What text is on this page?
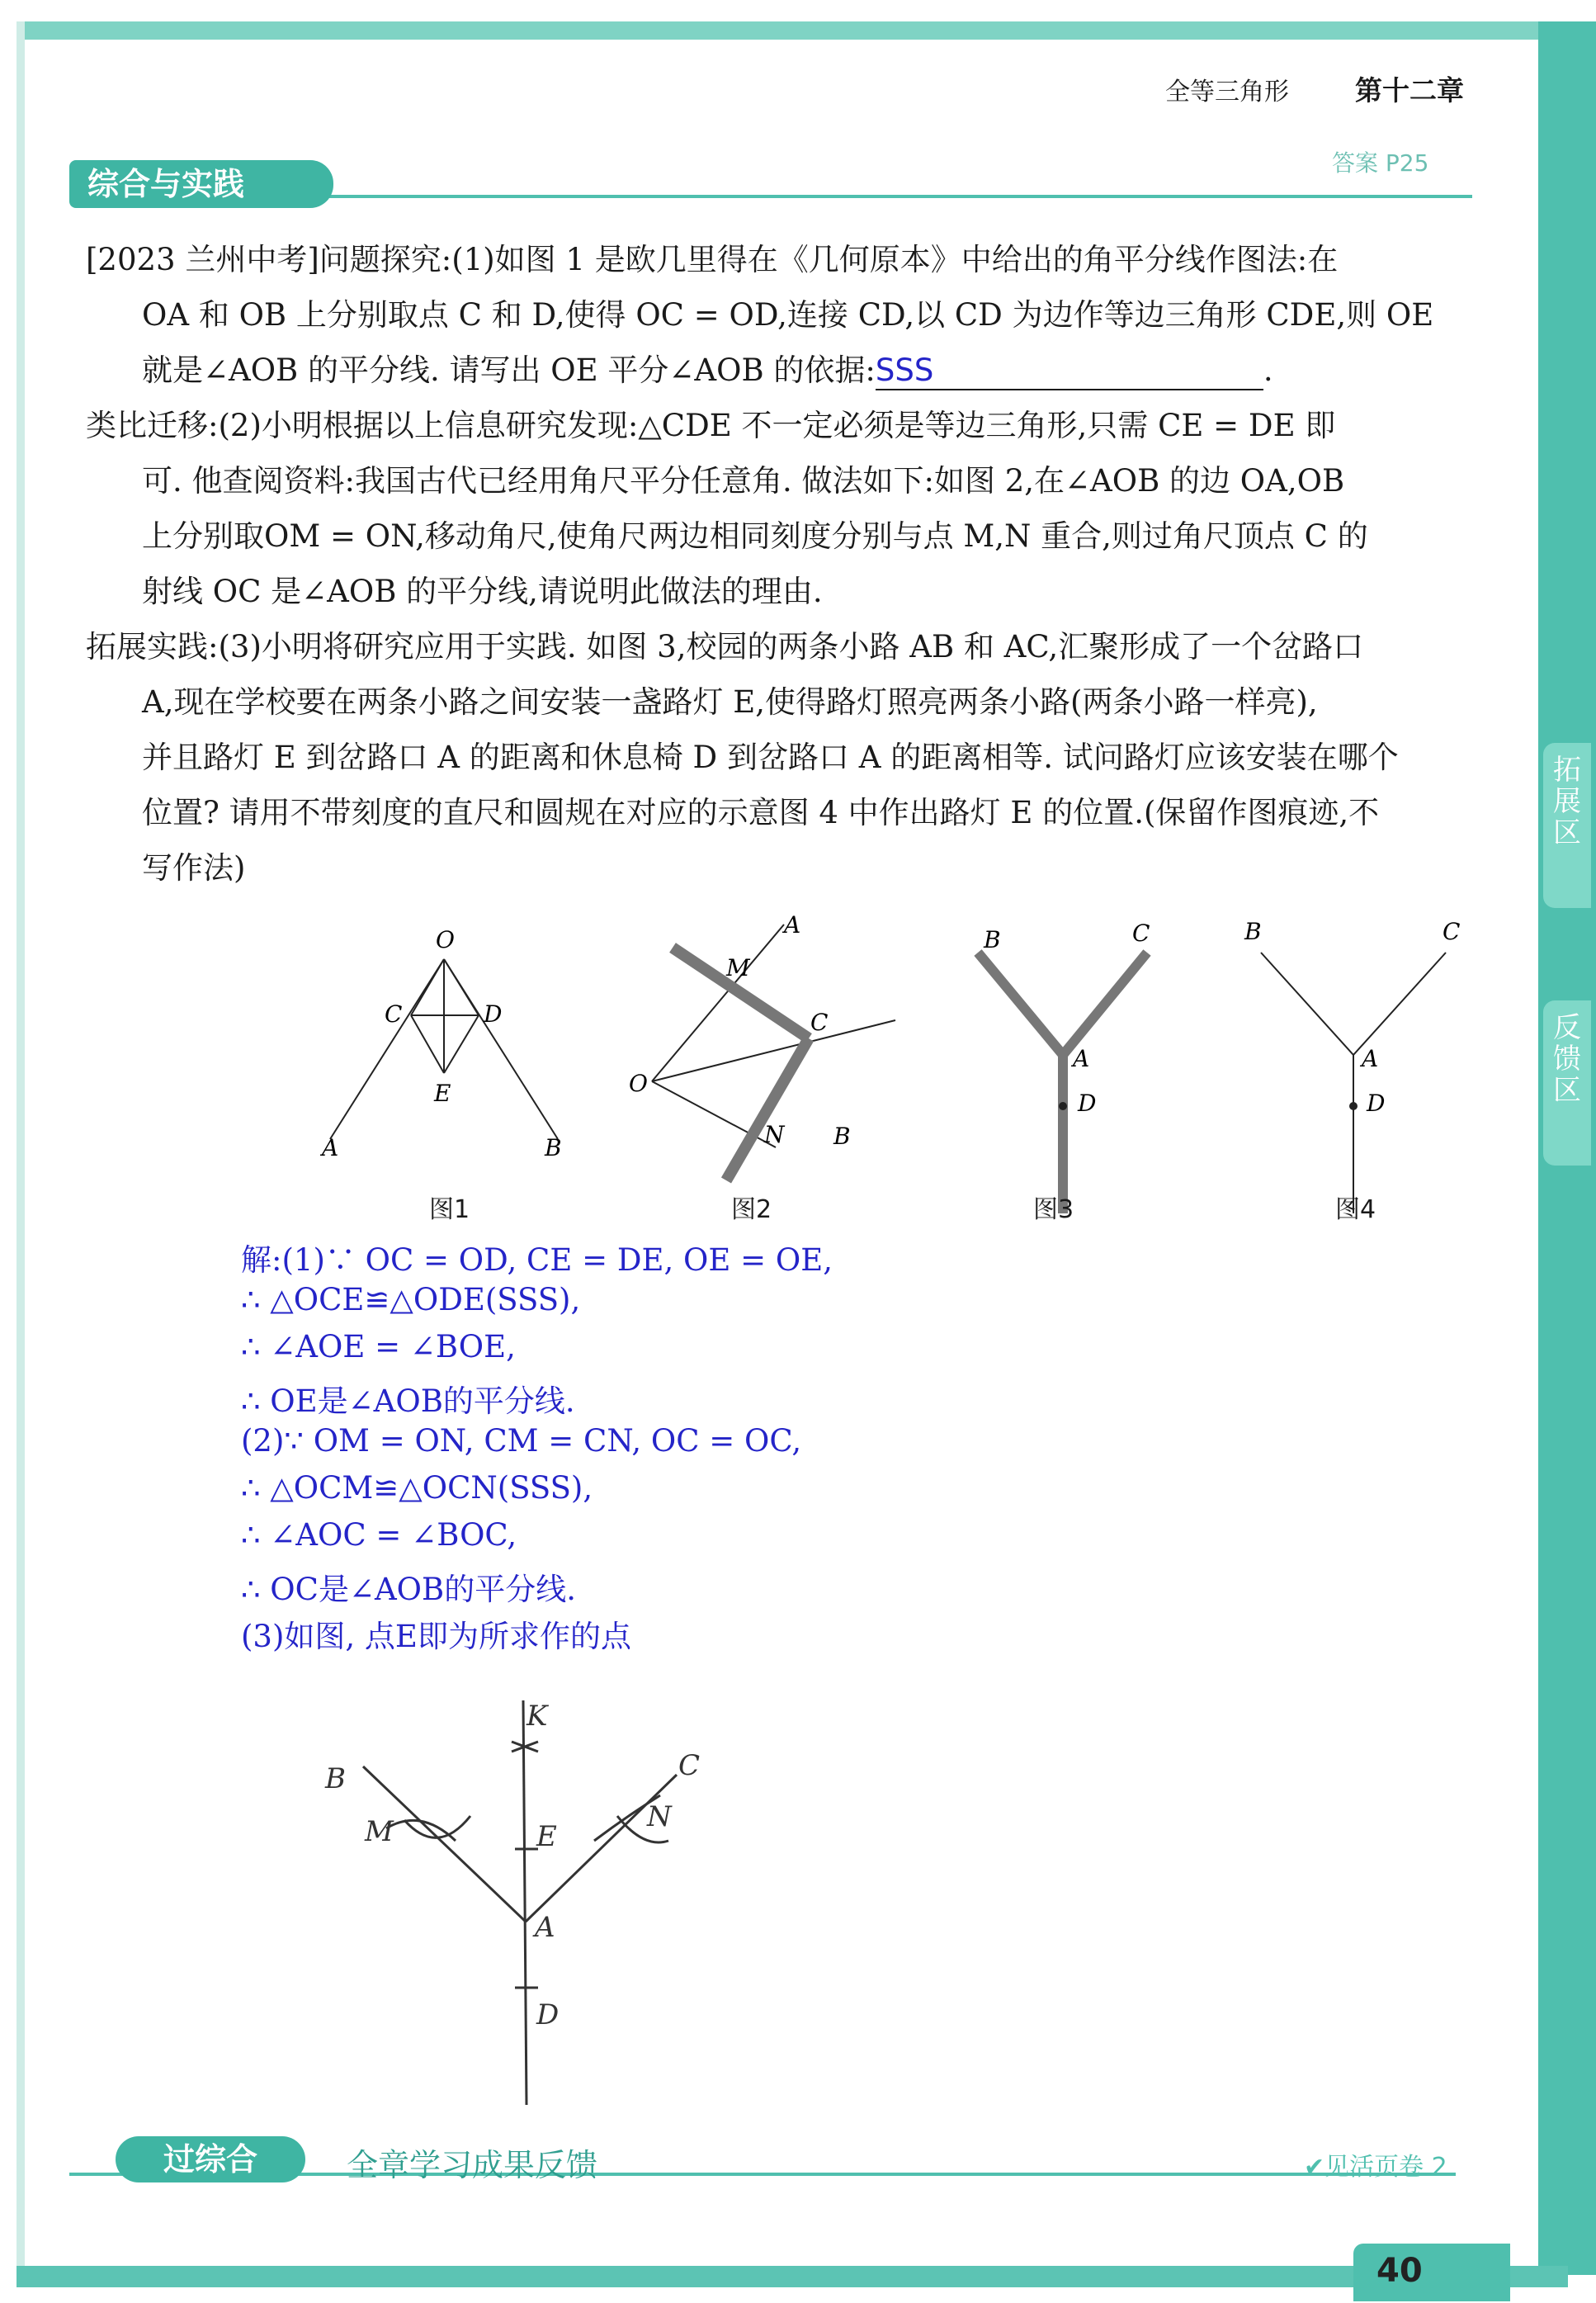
全等三角形 第十二章
答案 P25
综合与实践
拓展区
反馈区
[2023 兰州中考]问题探究:(1)如图 1 是欧几里得在《几何原本》中给出的角平分线作图法:在
OA 和 OB 上分别取点 C 和 D,使得 OC = OD,连接 CD,以 CD 为边作等边三角形 CDE,则 OE
就是∠AOB 的平分线. 请写出 OE 平分∠AOB 的依据:SSS	.
类比迁移:(2)小明根据以上信息研究发现:△CDE 不一定必须是等边三角形,只需 CE = DE 即
可. 他查阅资料:我国古代已经用角尺平分任意角. 做法如下:如图 2,在∠AOB 的边 OA,OB
上分别取OM = ON,移动角尺,使角尺两边相同刻度分别与点 M,N 重合,则过角尺顶点 C 的
射线 OC 是∠AOB 的平分线,请说明此做法的理由.
拓展实践:(3)小明将研究应用于实践. 如图 3,校园的两条小路 AB 和 AC,汇聚形成了一个岔路口
A,现在学校要在两条小路之间安装一盏路灯 E,使得路灯照亮两条小路(两条小路一样亮),
并且路灯 E 到岔路口 A 的距离和休息椅 D 到岔路口 A 的距离相等. 试问路灯应该安装在哪个
位置? 请用不带刻度的直尺和圆规在对应的示意图 4 中作出路灯 E 的位置.(保留作图痕迹,不
写作法)
O
C	D
E
A	B
A
M
C
O
N B
B	C
A
D
B	C
A
D
图1	图2	图3	图4
解:(1)∵ OC = OD, CE = DE, OE = OE,
∴ △OCE≌△ODE(SSS),
∴ ∠AOE = ∠BOE,
∴ OE是∠AOB的平分线.
(2)∵ OM = ON, CM = CN, OC = OC,
∴ △OCM≌△OCN(SSS),
∴ ∠AOC = ∠BOC,
∴ OC是∠AOB的平分线.
(3)如图, 点E即为所求作的点
K
B	C
M	N
E
A
D
过综合	全章学习成果反馈	✔见活页卷 2
40
